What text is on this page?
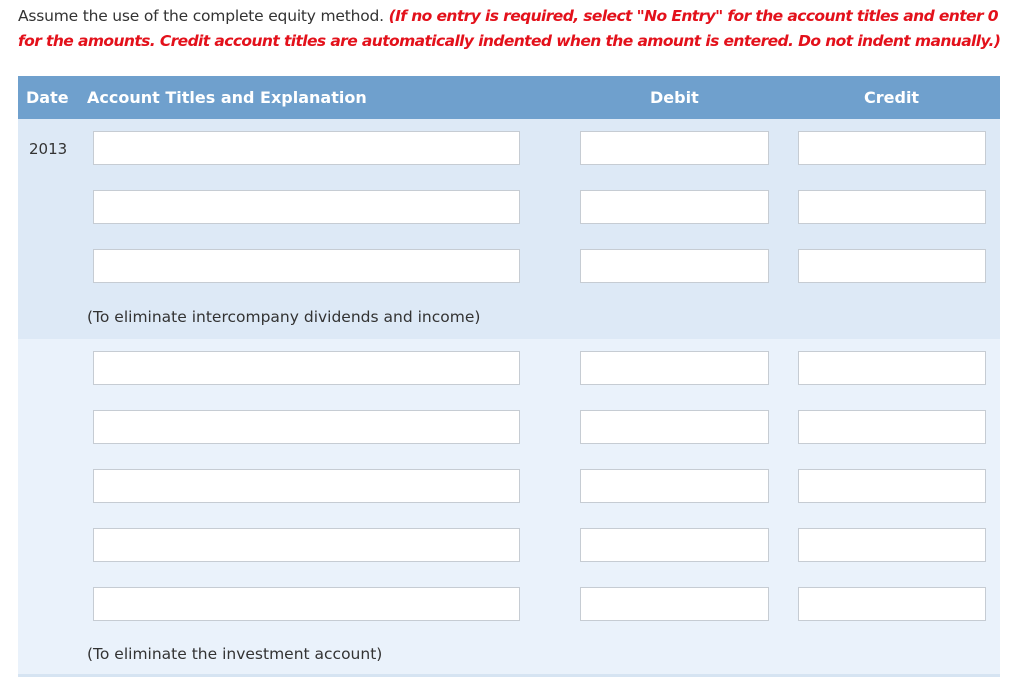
Assume the use of the complete equity method. (If no entry is required, select "No Entry" for the account titles and enter 0 for the amounts. Credit account titles are automatically indented when the amount is entered. Do not indent manually.)
Date Account Titles and Explanation	Debit	Credit
2013
(To eliminate intercompany dividends and income)
(To eliminate the investment account)
